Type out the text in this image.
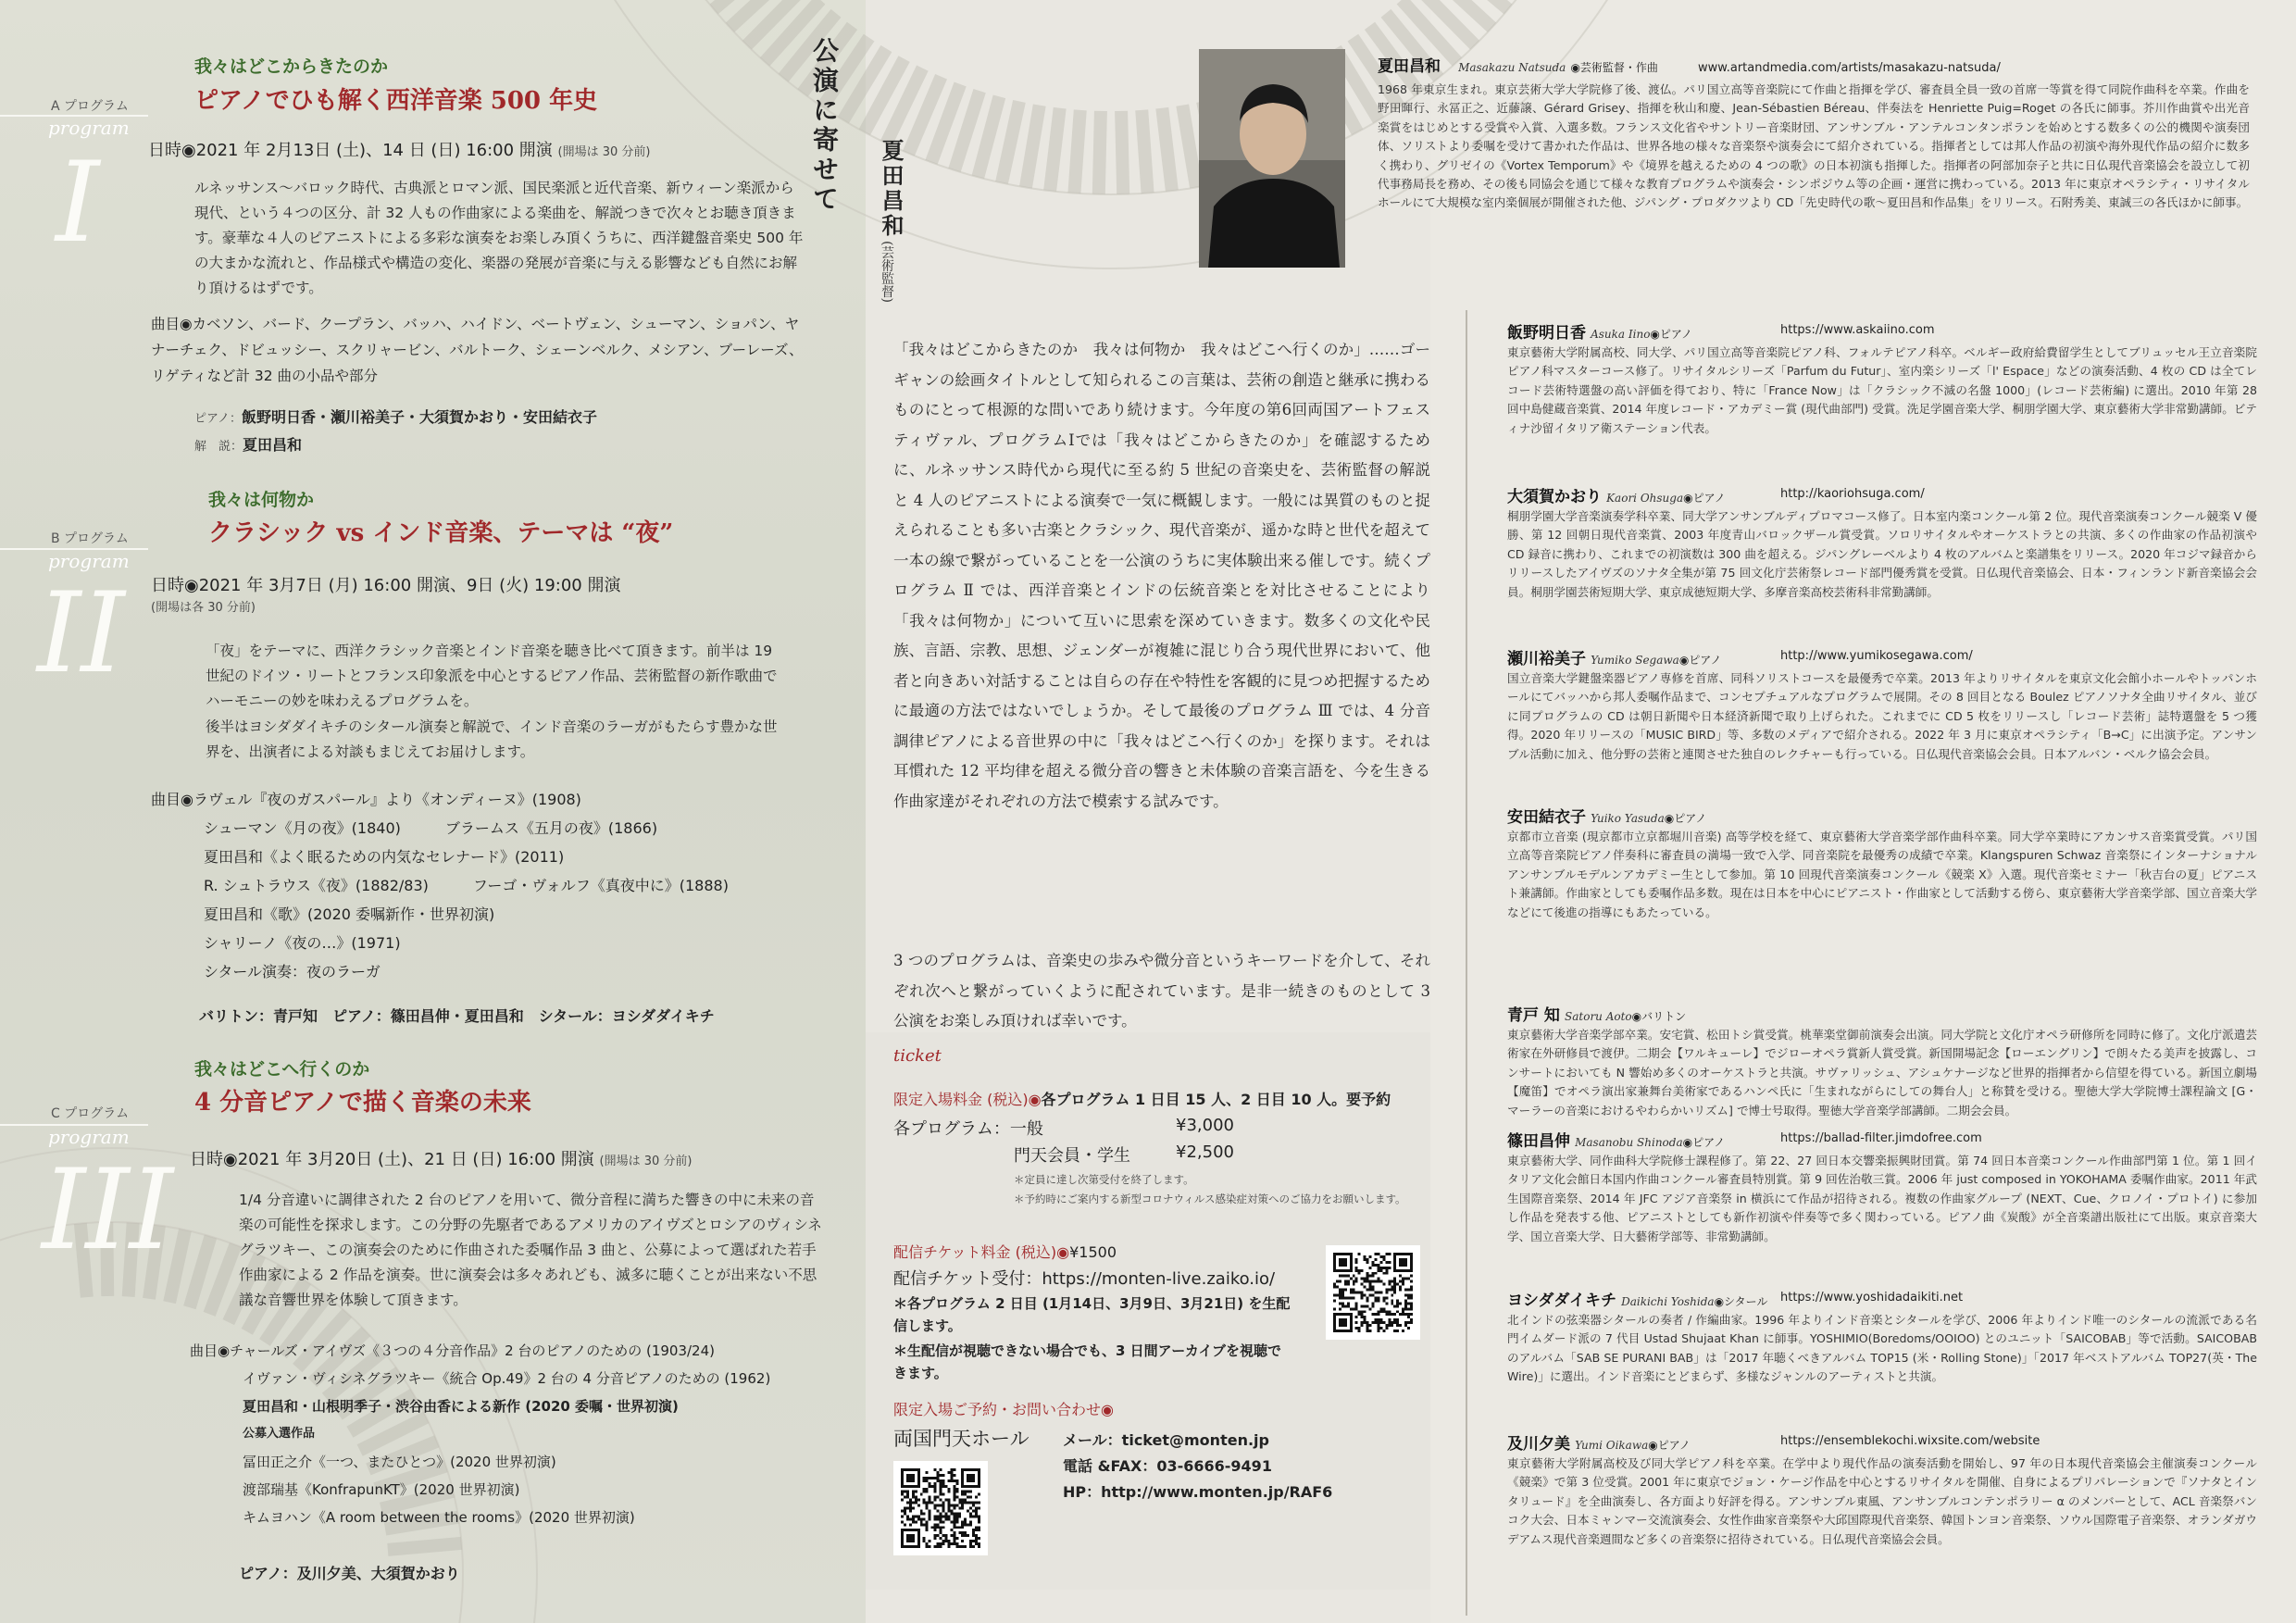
我々はどこからきたのか
ピアノでひも解く西洋音楽 500 年史
A プログラム
program
I	日時◉2021 年 2月13日 (土)、14 日 (日) 16:00 開演 (開場は 30 分前)
ルネッサンス～バロック時代、古典派とロマン派、国民楽派と近代音楽、新ウィーン楽派から現代、という４つの区分、計 32 人もの作曲家による楽曲を、解説つきで次々とお聴き頂きます。豪華な４人のピアニストによる多彩な演奏をお楽しみ頂くうちに、西洋鍵盤音楽史 500 年の大まかな流れと、作品様式や構造の変化、楽器の発展が音楽に与える影響なども自然にお解り頂けるはずです。
曲目◉カベソン、バード、クープラン、バッハ、ハイドン、ベートヴェン、シューマン、ショパン、ヤナーチェク、ドビュッシー、スクリャービン、バルトーク、シェーンベルク、メシアン、ブーレーズ、リゲティなど計 32 曲の小品や部分
ピアノ：飯野明日香・瀬川裕美子・大須賀かおり・安田結衣子
解　説：夏田昌和
我々は何物か
クラシック vs インド音楽、テーマは “夜”
B プログラム
program
II 日時◉2021 年 3月7日 (月) 16:00 開演、9日 (火) 19:00 開演
(開場は各 30 分前)
「夜」をテーマに、西洋クラシック音楽とインド音楽を聴き比べて頂きます。前半は 19 世紀のドイツ・リートとフランス印象派を中心とするピアノ作品、芸術監督の新作歌曲でハーモニーの妙を味わえるプログラムを。
後半はヨシダダイキチのシタール演奏と解説で、インド音楽のラーガがもたらす豊かな世界を、出演者による対談もまじえてお届けします。
曲目◉ラヴェル『夜のガスパール』より《オンディーヌ》(1908)
シューマン《月の夜》(1840)　　　ブラームス《五月の夜》(1866)
夏田昌和《よく眠るための内気なセレナード》(2011)
R. シュトラウス《夜》(1882/83)　　　フーゴ・ヴォルフ《真夜中に》(1888)
夏田昌和《歌》(2020 委嘱新作・世界初演)
シャリーノ《夜の…》(1971)
シタール演奏：夜のラーガ
バリトン：青戸知　ピアノ：篠田昌伸・夏田昌和　シタール：ヨシダダイキチ
我々はどこへ行くのか
4 分音ピアノで描く音楽の未来
C プログラム
program
III 日時◉2021 年 3月20日 (土)、21 日 (日) 16:00 開演 (開場は 30 分前)
1/4 分音違いに調律された 2 台のピアノを用いて、微分音程に満ちた響きの中に未来の音楽の可能性を探求します。この分野の先駆者であるアメリカのアイヴズとロシアのヴィシネグラツキー、この演奏会のために作曲された委嘱作品 3 曲と、公募によって選ばれた若手作曲家による 2 作品を演奏。世に演奏会は多々あれども、滅多に聴くことが出来ない不思議な音響世界を体験して頂きます。
曲目◉チャールズ・アイヴズ《３つの４分音作品》2 台のピアノのための (1903/24)
イヴァン・ヴィシネグラツキー《統合 Op.49》2 台の 4 分音ピアノのための (1962)
夏田昌和・山根明季子・渋谷由香による新作 (2020 委嘱・世界初演)
公募入選作品
冨田正之介《一つ、またひとつ》(2020 世界初演)
渡部瑞基《KonfrapunKT》(2020 世界初演)
キムヨハン《A room between the rooms》(2020 世界初演)
ピアノ：及川夕美、大須賀かおり
公演に寄せて 夏田昌和
(芸術監督)
「我々はどこからきたのか　我々は何物か　我々はどこへ行くのか」……ゴーギャンの絵画タイトルとして知られるこの言葉は、芸術の創造と継承に携わるものにとって根源的な問いであり続けます。今年度の第6回両国アートフェスティヴァル、プログラムⅠでは「我々はどこからきたのか」を確認するために、ルネッサンス時代から現代に至る約 5 世紀の音楽史を、芸術監督の解説と 4 人のピアニストによる演奏で一気に概観します。一般には異質のものと捉えられることも多い古楽とクラシック、現代音楽が、遥かな時と世代を超えて一本の線で繋がっていることを一公演のうちに実体験出来る催しです。続くプログラム Ⅱ では、西洋音楽とインドの伝統音楽とを対比させることにより「我々は何物か」について互いに思索を深めていきます。数多くの文化や民族、言語、宗教、思想、ジェンダーが複雑に混じり合う現代世界において、他者と向きあい対話することは自らの存在や特性を客観的に見つめ把握するために最適の方法ではないでしょうか。そして最後のプログラム Ⅲ では、4 分音調律ピアノによる音世界の中に「我々はどこへ行くのか」を探ります。それは耳慣れた 12 平均律を超える微分音の響きと未体験の音楽言語を、今を生きる作曲家達がそれぞれの方法で模索する試みです。
3 つのプログラムは、音楽史の歩みや微分音というキーワードを介して、それぞれ次へと繋がっていくように配されています。是非一続きのものとして 3 公演をお楽しみ頂ければ幸いです。
ticket
限定入場料金 (税込)◉各プログラム 1 日目 15 人、2 日目 10 人。要予約
各プログラム：一般	¥3,000
門天会員・学生	¥2,500
＊定員に達し次第受付を終了します。
＊予約時にご案内する新型コロナウィルス感染症対策へのご協力をお願いします。
配信チケット料金 (税込)◉¥1500
配信チケット受付：https://monten-live.zaiko.io/
＊各プログラム 2 日目 (1月14日、3月9日、3月21日) を生配信します。
＊生配信が視聴できない場合でも、3 日間アーカイブを視聴できます。
限定入場ご予約・お問い合わせ◉
両国門天ホール メール：ticket@monten.jp
電話 &FAX：03-6666-9491
HP：http://www.monten.jp/RAF6
夏田昌和 Masakazu Natsuda ◉芸術監督・作曲	www.artandmedia.com/artists/masakazu-natsuda/
1968 年東京生まれ。東京芸術大学大学院修了後、渡仏。パリ国立高等音楽院にて作曲と指揮を学び、審査員全員一致の首席一等賞を得て同院作曲科を卒業。作曲を野田暉行、永冨正之、近藤譲、Gérard Grisey、指揮を秋山和慶、Jean-Sébastien Béreau、伴奏法を Henriette Puig=Roget の各氏に師事。芥川作曲賞や出光音楽賞をはじめとする受賞や入賞、入選多数。フランス文化省やサントリー音楽財団、アンサンブル・アンテルコンタンポランを始めとする数多くの公的機関や演奏団体、ソリストより委嘱を受けて書かれた作品は、世界各地の様々な音楽祭や演奏会にて紹介されている。指揮者としては邦人作品の初演や海外現代作品の紹介に数多く携わり、グリゼイの《Vortex Temporum》や《境界を越えるための 4 つの歌》の日本初演も指揮した。指揮者の阿部加奈子と共に日仏現代音楽協会を設立して初代事務局長を務め、その後も同協会を通じて様々な教育プログラムや演奏会・シンポジウム等の企画・運営に携わっている。2013 年に東京オペラシティ・リサイタルホールにて大規模な室内楽個展が開催された他、ジパング・プロダクツより CD「先史時代の歌～夏田昌和作品集」をリリース。石附秀美、東誠三の各氏ほかに師事。
飯野明日香 Asuka Iino◉ピアノ	https://www.askaiino.com
東京藝術大学附属高校、同大学、パリ国立高等音楽院ピアノ科、フォルテピアノ科卒。ベルギー政府給費留学生としてブリュッセル王立音楽院ピアノ科マスターコース修了。リサイタルシリーズ「Parfum du Futur」、室内楽シリーズ「l' Espace」などの演奏活動、4 枚の CD は全てレコード芸術特選盤の高い評価を得ており、特に「France Now」は「クラシック不滅の名盤 1000」(レコード芸術編) に選出。2010 年第 28 回中島健蔵音楽賞、2014 年度レコード・アカデミー賞 (現代曲部門) 受賞。洗足学園音楽大学、桐朋学園大学、東京藝術大学非常勤講師。ビティナ沙留イタリア衛ステーション代表。
大須賀かおり Kaori Ohsuga◉ピアノ	http://kaoriohsuga.com/
桐朋学園大学音楽演奏学科卒業、同大学アンサンブルディプロマコース修了。日本室内楽コンクール第 2 位。現代音楽演奏コンクール競楽 V 優勝、第 12 回朝日現代音楽賞、2003 年度青山バロックザール賞受賞。ソロリサイタルやオーケストラとの共演、多くの作曲家の作品初演や CD 録音に携わり、これまでの初演数は 300 曲を超える。ジパングレーベルより 4 枚のアルバムと楽譜集をリリース。2020 年コジマ録音からリリースしたアイヴズのソナタ全集が第 75 回文化庁芸術祭レコード部門優秀賞を受賞。日仏現代音楽協会、日本・フィンランド新音楽協会会員。桐朋学園芸術短期大学、東京成徳短期大学、多摩音楽高校芸術科非常勤講師。
瀬川裕美子 Yumiko Segawa◉ピアノ	http://www.yumikosegawa.com/
国立音楽大学鍵盤楽器ピアノ専修を首席、同科ソリストコースを最優秀で卒業。2013 年よりリサイタルを東京文化会館小ホールやトッパンホールにてバッハから邦人委嘱作品まで、コンセプチュアルなプログラムで展開。その 8 回目となる Boulez ピアノソナタ全曲リサイタル、並びに同プログラムの CD は朝日新聞や日本経済新聞で取り上げられた。これまでに CD 5 枚をリリースし「レコード芸術」誌特選盤を 5 つ獲得。2020 年リリースの「MUSIC BIRD」等、多数のメディアで紹介される。2022 年 3 月に東京オペラシティ「B→C」に出演予定。アンサンブル活動に加え、他分野の芸術と連関させた独自のレクチャーも行っている。日仏現代音楽協会会員。日本アルバン・ベルク協会会員。
安田結衣子 Yuiko Yasuda◉ピアノ
京都市立音楽 (現京都市立京都堀川音楽) 高等学校を経て、東京藝術大学音楽学部作曲科卒業。同大学卒業時にアカンサス音楽賞受賞。パリ国立高等音楽院ピアノ伴奏科に審査員の満場一致で入学、同音楽院を最優秀の成績で卒業。Klangspuren Schwaz 音楽祭にインターナショナルアンサンブルモデルンアカデミー生として参加。第 10 回現代音楽演奏コンクール《競楽 X》入選。現代音楽セミナー「秋吉台の夏」ピアニスト兼講師。作曲家としても委嘱作品多数。現在は日本を中心にピアニスト・作曲家として活動する傍ら、東京藝術大学音楽学部、国立音楽大学などにて後進の指導にもあたっている。
青戸 知 Satoru Aoto◉バリトン
東京藝術大学音楽学部卒業。安宅賞、松田トシ賞受賞。桃華楽堂御前演奏会出演。同大学院と文化庁オペラ研修所を同時に修了。文化庁派遣芸術家在外研修員で渡伊。二期会【ワルキューレ】でジローオペラ賞新人賞受賞。新国開場記念【ローエングリン】で朗々たる美声を披露し、コンサートにおいても N 響始め多くのオーケストラと共演。サヴァリッシュ、アシュケナージなど世界的指揮者から信望を得ている。新国立劇場【魔笛】でオペラ演出家兼舞台美術家であるハンペ氏に「生まれながらにしての舞台人」と称賛を受ける。聖徳大学大学院博士課程論文 [G・マーラーの音楽におけるやわらかいリズム] で博士号取得。聖徳大学音楽学部講師。二期会会員。
篠田昌伸 Masanobu Shinoda◉ピアノ	https://ballad-filter.jimdofree.com
東京藝術大学、同作曲科大学院修士課程修了。第 22、27 回日本交響楽振興財団賞。第 74 回日本音楽コンクール作曲部門第 1 位。第 1 回イタリア文化会館日本国内作曲コンクール審査員特別賞。第 9 回佐治敬三賞。2006 年 just composed in YOKOHAMA 委嘱作曲家。2011 年武生国際音楽祭、2014 年 JFC アジア音楽祭 in 横浜にて作品が招待される。複数の作曲家グループ (NEXT、Cue、クロノイ・プロトイ) に参加し作品を発表する他、ピアニストとしても新作初演や伴奏等で多く関わっている。ピアノ曲《炭酸》が全音楽譜出版社にて出版。東京音楽大学、国立音楽大学、日大藝術学部等、非常勤講師。
ヨシダダイキチ Daikichi Yoshida◉シタール https://www.yoshidadaikiti.net
北インドの弦楽器シタールの奏者 / 作編曲家。1996 年よりインド音楽とシタールを学び、2006 年よりインド唯一のシタールの流派である名門イムダード派の 7 代目 Ustad Shujaat Khan に師事。YOSHIMIO(Boredoms/OOIOO) とのユニット「SAICOBAB」等で活動。SAICOBAB のアルバム「SAB SE PURANI BAB」は「2017 年聴くべきアルバム TOP15 (米・Rolling Stone)」「2017 年ベストアルバム TOP27(英・The Wire)」に選出。インド音楽にとどまらず、多様なジャンルのアーティストと共演。
及川夕美 Yumi Oikawa◉ピアノ	https://ensemblekochi.wixsite.com/website
東京藝術大学附属高校及び同大学ピアノ科を卒業。在学中より現代作品の演奏活動を開始し、97 年の日本現代音楽協会主催演奏コンクール《競楽》で第 3 位受賞。2001 年に東京でジョン・ケージ作品を中心とするリサイタルを開催、自身によるプリパレーションで『ソナタとインタリュード』を全曲演奏し、各方面より好評を得る。アンサンブル東風、アンサンブルコンテンポラリー α のメンバーとして、ACL 音楽祭バンコク大会、日本ミャンマー交流演奏会、女性作曲家音楽祭や大邱国際現代音楽祭、韓国トンヨン音楽祭、ソウル国際電子音楽祭、オランダガウデアムス現代音楽週間など多くの音楽祭に招待されている。日仏現代音楽協会会員。
